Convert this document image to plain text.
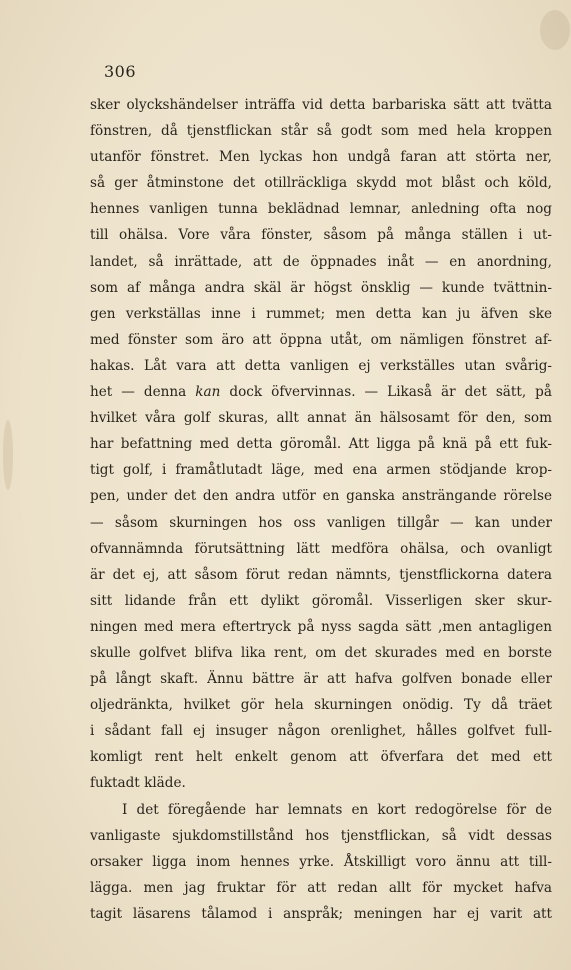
306
sker olyckshändelser inträffa vid detta barbariska sätt att tvätta
fönstren, då tjenstflickan står så godt som med hela kroppen
utanför fönstret. Men lyckas hon undgå faran att störta ner,
så ger åtminstone det otillräckliga skydd mot blåst och köld,
hennes vanligen tunna beklädnad lemnar, anledning ofta nog
till ohälsa. Vore våra fönster, såsom på många ställen i ut-
landet, så inrättade, att de öppnades inåt — en anordning,
som af många andra skäl är högst önsklig — kunde tvättnin-
gen verkställas inne i rummet; men detta kan ju äfven ske
med fönster som äro att öppna utåt, om nämligen fönstret af-
hakas. Låt vara att detta vanligen ej verkställes utan svårig-
het — denna kan dock öfvervinnas. — Likaså är det sätt, på
hvilket våra golf skuras, allt annat än hälsosamt för den, som
har befattning med detta göromål. Att ligga på knä på ett fuk-
tigt golf, i framåtlutadt läge, med ena armen stödjande krop-
pen, under det den andra utför en ganska ansträngande rörelse
— såsom skurningen hos oss vanligen tillgår — kan under
ofvannämnda förutsättning lätt medföra ohälsa, och ovanligt
är det ej, att såsom förut redan nämnts, tjenstflickorna datera
sitt lidande från ett dylikt göromål. Visserligen sker skur-
ningen med mera eftertryck på nyss sagda sätt ,men antagligen
skulle golfvet blifva lika rent, om det skurades med en borste
på långt skaft. Ännu bättre är att hafva golfven bonade eller
oljedränkta, hvilket gör hela skurningen onödig. Ty då träet
i sådant fall ej insuger någon orenlighet, hålles golfvet full-
komligt rent helt enkelt genom att öfverfara det med ett
fuktadt kläde.
I det föregående har lemnats en kort redogörelse för de
vanligaste sjukdomstillstånd hos tjenstflickan, så vidt dessas
orsaker ligga inom hennes yrke. Åtskilligt voro ännu att till-
lägga. men jag fruktar för att redan allt för mycket hafva
tagit läsarens tålamod i anspråk; meningen har ej varit att
